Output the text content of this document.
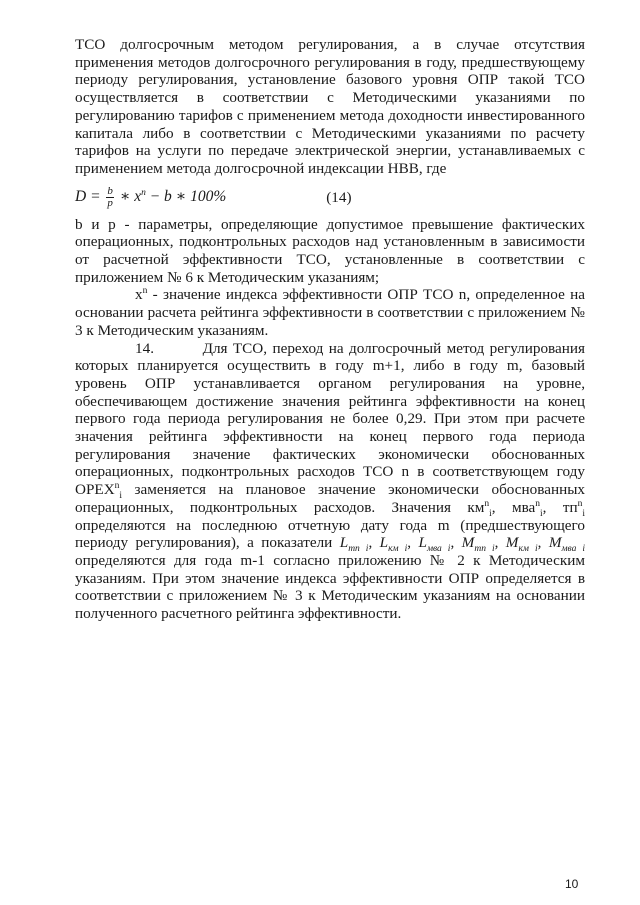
ТСО долгосрочным методом регулирования, а в случае отсутствия применения методов долгосрочного регулирования в году, предшествующему периоду регулирования, установление базового уровня ОПР такой ТСО осуществляется в соответствии с Методическими указаниями по регулированию тарифов с применением метода доходности инвестированного капитала либо в соответствии с Методическими указаниями по расчету тарифов на услуги по передаче электрической энергии, устанавливаемых с применением метода долгосрочной индексации НВВ, где

$D = \frac{b}{p}$ ∗ $x^n - b$ ∗ 100%	(14)

b и p - параметры, определяющие допустимое превышение фактических операционных, подконтрольных расходов над установленным в зависимости от расчетной эффективности ТСО, установленные в соответствии с приложением № 6 к Методическим указаниям;

$x^n$ - значение индекса эффективности ОПР ТСО n, определенное на основании расчета рейтинга эффективности в соответствии с приложением № 3 к Методическим указаниям.

14.	Для ТСО, переход на долгосрочный метод регулирования которых планируется осуществить в году m+1, либо в году m, базовый уровень ОПР устанавливается органом регулирования на уровне, обеспечивающем достижение значения рейтинга эффективности на конец первого года периода регулирования не более 0,29. При этом при расчете значения рейтинга эффективности на конец первого года периода регулирования значение фактических экономически обоснованных операционных, подконтрольных расходов ТСО n в соответствующем году $OPEX^n_i$ заменяется на плановое значение экономически обоснованных операционных, подконтрольных расходов. Значения $км^n_i$, мва$^n_i$, $тп^n_i$ определяются на последнюю отчетную дату года m (предшествующего периоду регулирования), а показатели $L_{тп i}$, $L_{км i}$, $L_{мва i}$, $M_{тп i}$, $M_{км i}$, $M_{мва i}$ определяются для года m-1 согласно приложению № 2 к Методическим указаниям. При этом значение индекса эффективности ОПР определяется в соответствии с приложением № 3 к Методическим указаниям на основании полученного расчетного рейтинга эффективности.

10
